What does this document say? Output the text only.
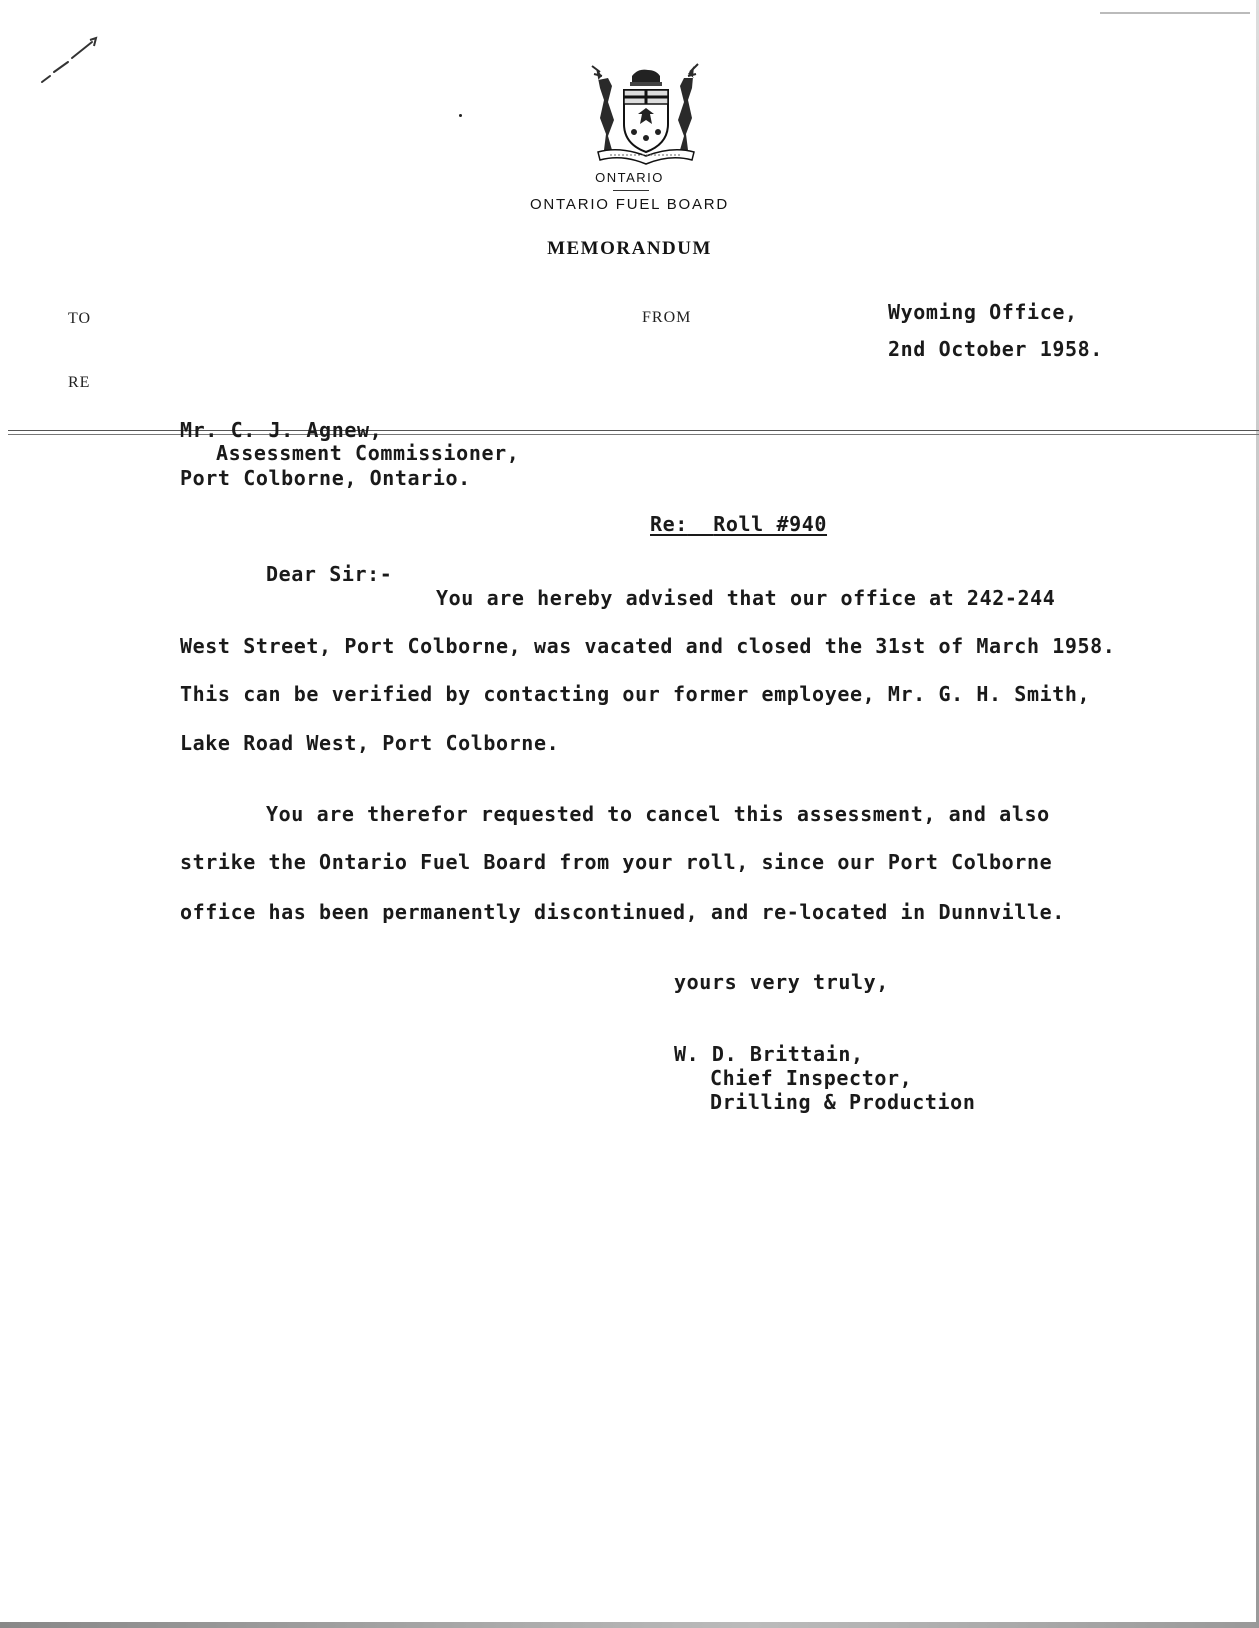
ONTARIO
ONTARIO FUEL BOARD
MEMORANDUM
TO	FROM
RE
Wyoming Office,
2nd October 1958.
Mr. C. J. Agnew,
Assessment Commissioner,
Port Colborne, Ontario.
Re: Roll #940
Dear Sir:-
You are hereby advised that our office at 242-244
West Street, Port Colborne, was vacated and closed the 31st of March 1958.
This can be verified by contacting our former employee, Mr. G. H. Smith,
Lake Road West, Port Colborne.
You are therefor requested to cancel this assessment, and also
strike the Ontario Fuel Board from your roll, since our Port Colborne
office has been permanently discontinued, and re-located in Dunnville.
yours very truly,
W. D. Brittain,
Chief Inspector,
Drilling & Production
